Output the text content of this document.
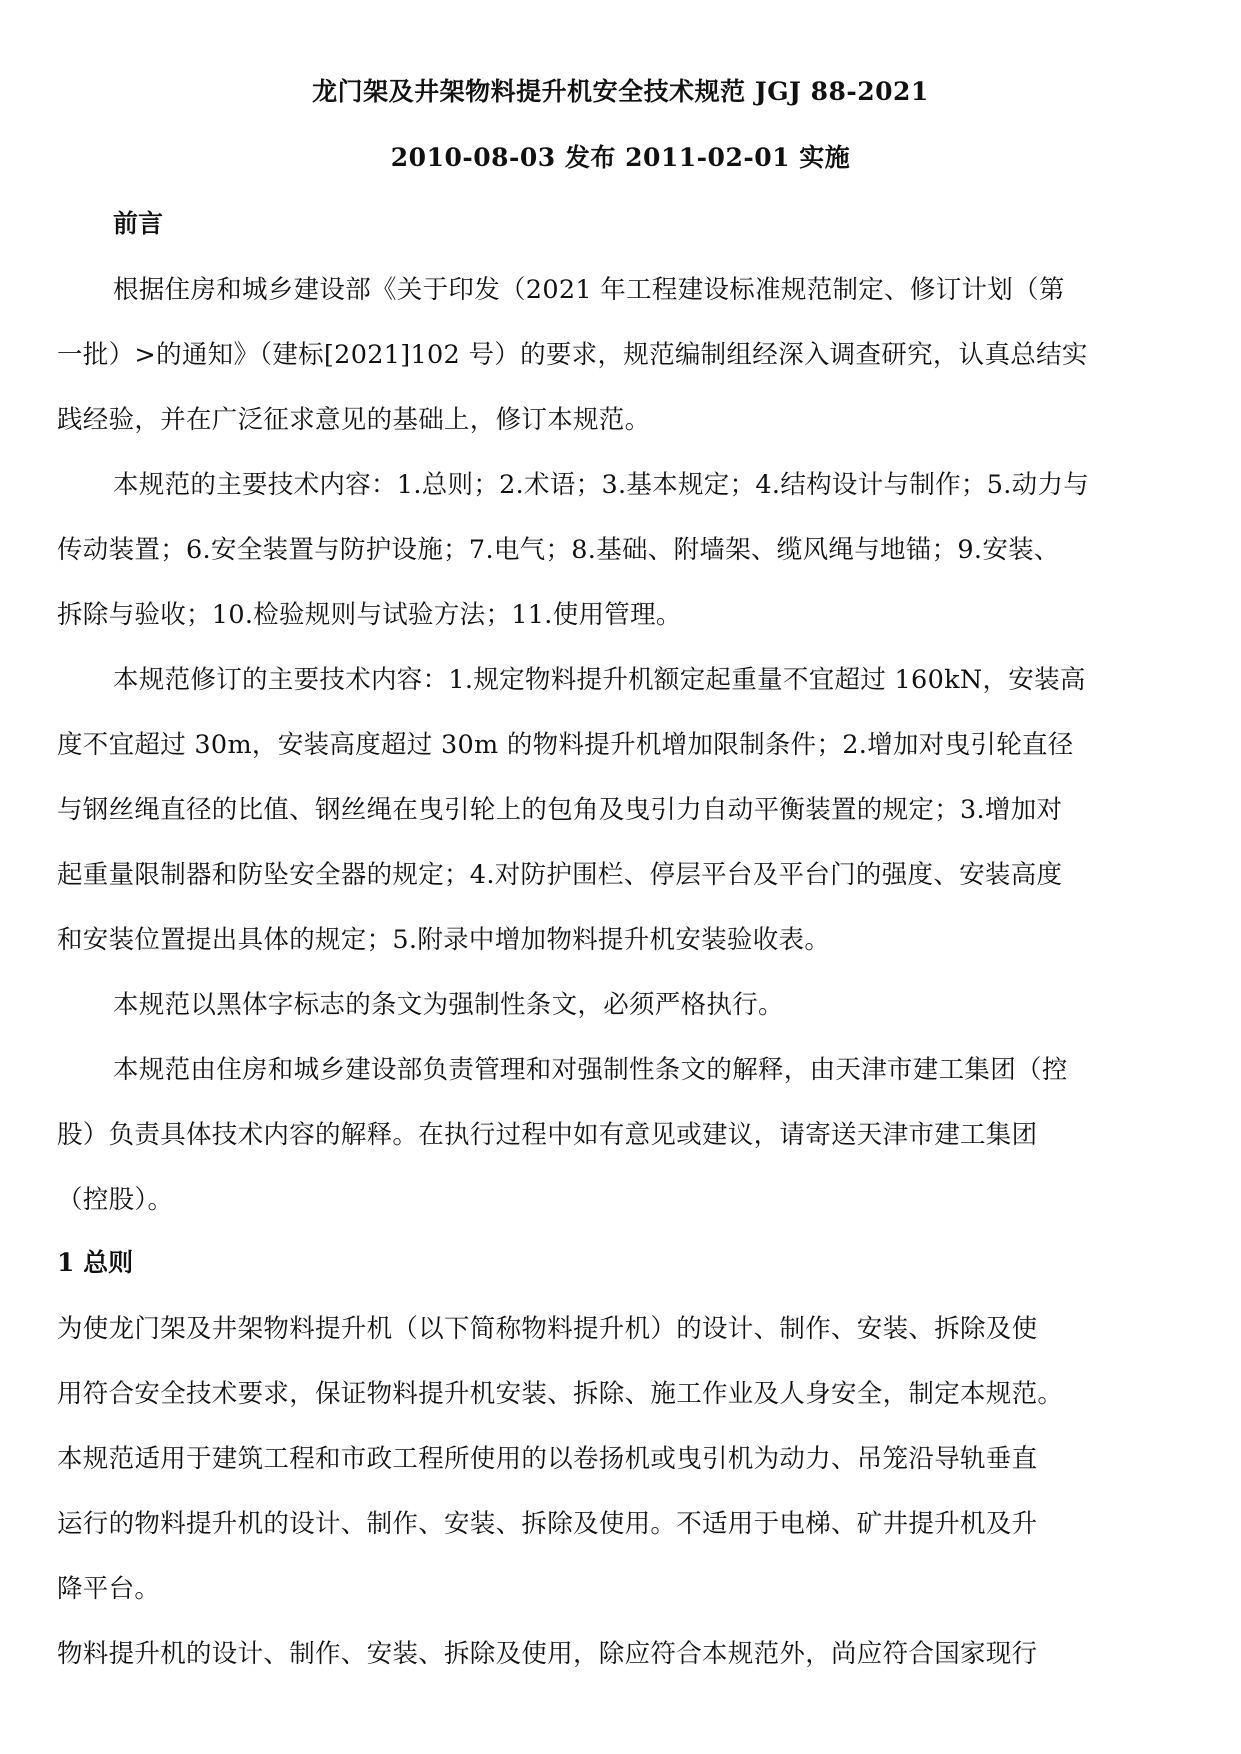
龙门架及井架物料提升机安全技术规范 JGJ 88-2021
2010-08-03 发布 2011-02-01 实施
前言

根据住房和城乡建设部《关于印发（2021 年工程建设标准规范制定、修订计划（第
一批）>的通知》（建标[2021]102 号）的要求，规范编制组经深入调查研究，认真总结实
践经验，并在广泛征求意见的基础上，修订本规范。

本规范的主要技术内容：1.总则；2.术语；3.基本规定；4.结构设计与制作；5.动力与
传动装置；6.安全装置与防护设施；7.电气；8.基础、附墙架、缆风绳与地锚；9.安装、
拆除与验收；10.检验规则与试验方法；11.使用管理。

本规范修订的主要技术内容：1.规定物料提升机额定起重量不宜超过 160kN，安装高
度不宜超过 30m，安装高度超过 30m 的物料提升机增加限制条件；2.增加对曳引轮直径
与钢丝绳直径的比值、钢丝绳在曳引轮上的包角及曳引力自动平衡装置的规定；3.增加对
起重量限制器和防坠安全器的规定；4.对防护围栏、停层平台及平台门的强度、安装高度
和安装位置提出具体的规定；5.附录中增加物料提升机安装验收表。

本规范以黑体字标志的条文为强制性条文，必须严格执行。

本规范由住房和城乡建设部负责管理和对强制性条文的解释，由天津市建工集团（控
股）负责具体技术内容的解释。在执行过程中如有意见或建议，请寄送天津市建工集团
（控股）。

1 总则

为使龙门架及井架物料提升机（以下简称物料提升机）的设计、制作、安装、拆除及使
用符合安全技术要求，保证物料提升机安装、拆除、施工作业及人身安全，制定本规范。
本规范适用于建筑工程和市政工程所使用的以卷扬机或曳引机为动力、吊笼沿导轨垂直
运行的物料提升机的设计、制作、安装、拆除及使用。不适用于电梯、矿井提升机及升
降平台。

物料提升机的设计、制作、安装、拆除及使用，除应符合本规范外，尚应符合国家现行
